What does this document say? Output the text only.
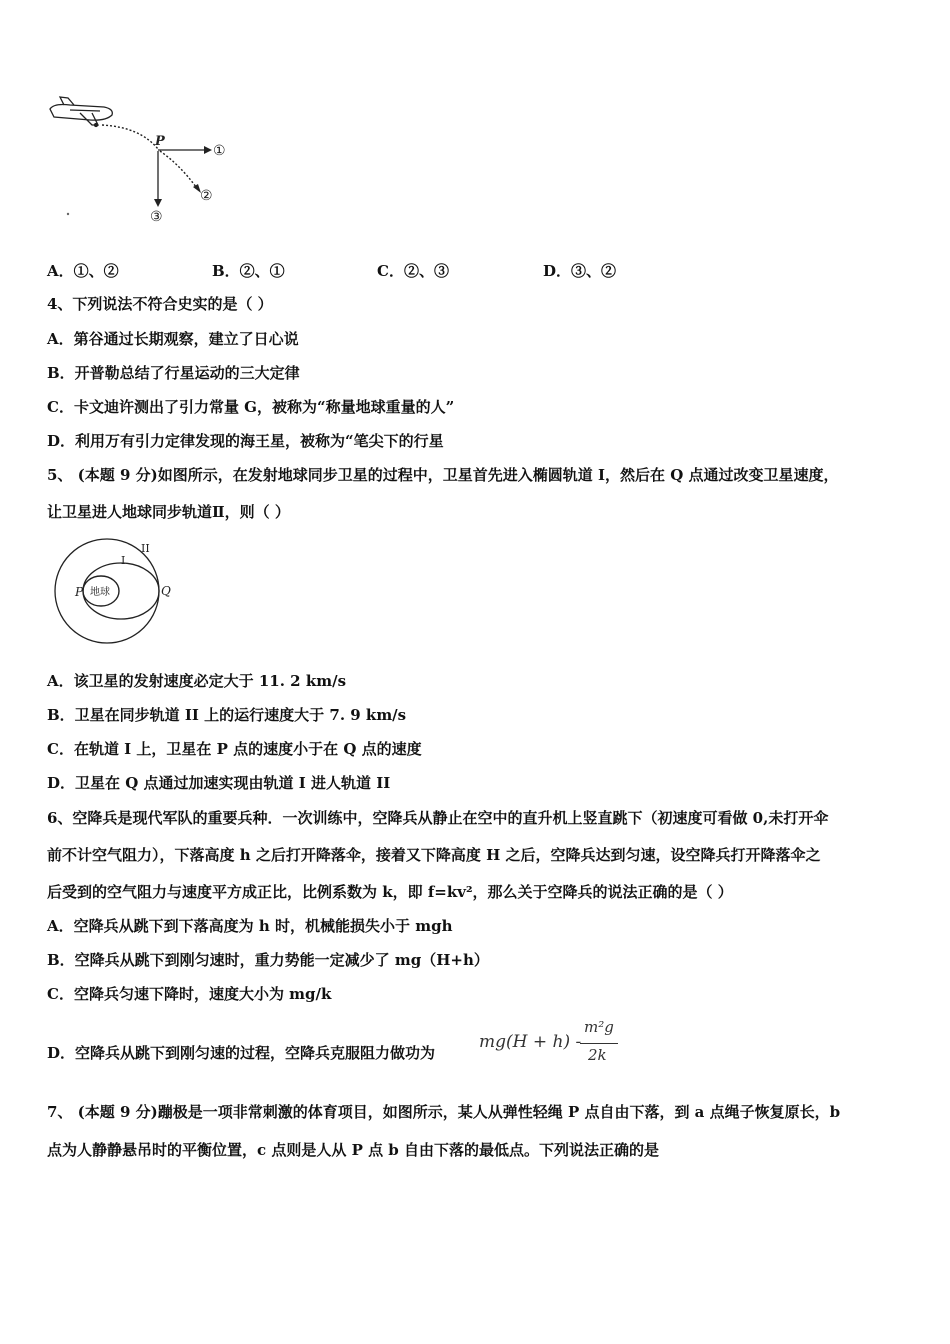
P
①
②
③
A．①、②	B．②、①	C．②、③	D．③、②
4、下列说法不符合史实的是（ ）
A．第谷通过长期观察，建立了日心说
B．开普勒总结了行星运动的三大定律
C．卡文迪许测出了引力常量 G，被称为“称量地球重量的人”
D．利用万有引力定律发现的海王星，被称为“笔尖下的行星
5、 (本题 9 分)如图所示，在发射地球同步卫星的过程中，卫星首先进入椭圆轨道 I，然后在 Q 点通过改变卫星速度，
让卫星进人地球同步轨道Ⅱ，则（ ）
地球
II
I
P	Q
A．该卫星的发射速度必定大于 11. 2 km/s
B．卫星在同步轨道 II 上的运行速度大于 7. 9 km/s
C．在轨道 I 上，卫星在 P 点的速度小于在 Q 点的速度
D．卫星在 Q 点通过加速实现由轨道 I 进人轨道 II
6、空降兵是现代军队的重要兵种．一次训练中，空降兵从静止在空中的直升机上竖直跳下（初速度可看做 0,未打开伞
前不计空气阻力），下落高度 h 之后打开降落伞，接着又下降高度 H 之后，空降兵达到匀速，设空降兵打开降落伞之
后受到的空气阻力与速度平方成正比，比例系数为 k，即 f=kv²，那么关于空降兵的说法正确的是（ ）
A．空降兵从跳下到下落高度为 h 时，机械能损失小于 mgh
B．空降兵从跳下到刚匀速时，重力势能一定减少了 mg（H+h）
C．空降兵匀速下降时，速度大小为 mg/k
D．空降兵从跳下到刚匀速的过程，空降兵克服阻力做功为
mg(H + h) -
m²g
2k
7、 (本题 9 分)蹦极是一项非常刺激的体育项目，如图所示，某人从弹性轻绳 P 点自由下落，到 a 点绳子恢复原长，b
点为人静静悬吊时的平衡位置，c 点则是人从 P 点 b 自由下落的最低点。下列说法正确的是
